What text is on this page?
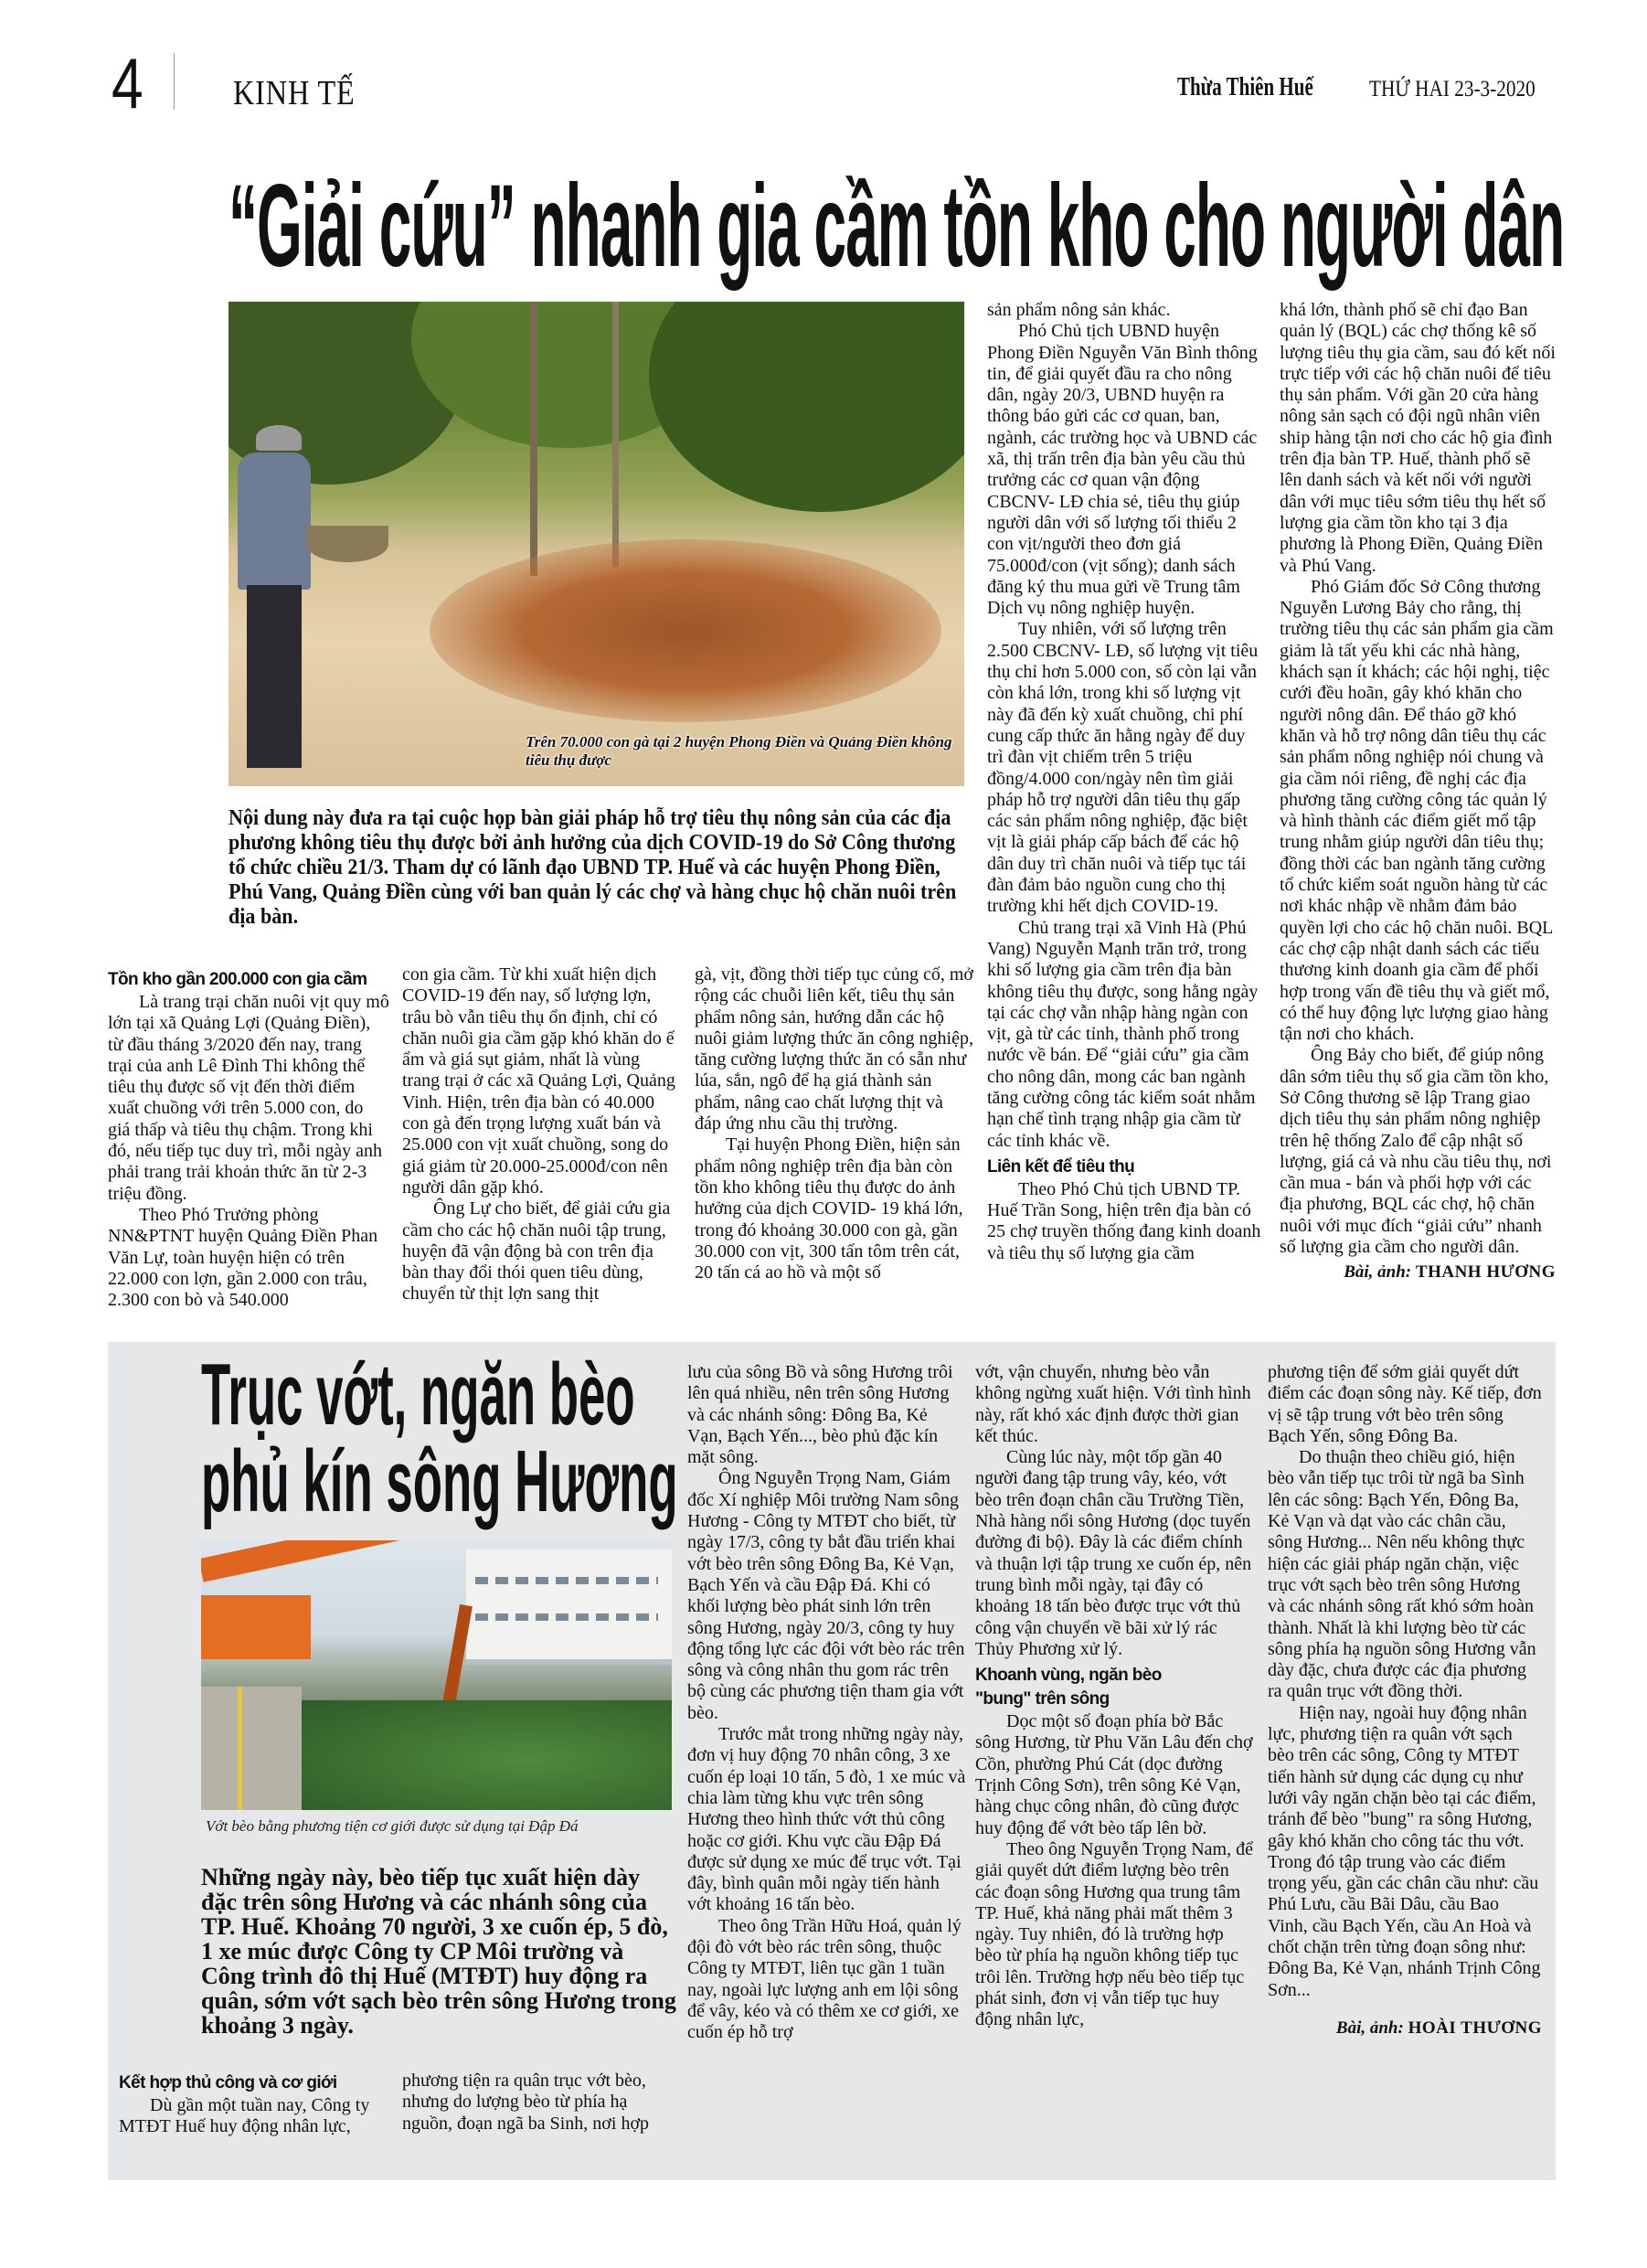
4	KINH TẾ	Thừa Thiên Huế THỨ HAI 23-3-2020
“Giải cứu” nhanh gia cầm tồn kho cho người dân
Trên 70.000 con gà tại 2 huyện Phong Điền và Quảng Điền không tiêu thụ được
Nội dung này đưa ra tại cuộc họp bàn giải pháp hỗ trợ tiêu thụ nông sản của các địa phương không tiêu thụ được bởi ảnh hưởng của dịch COVID-19 do Sở Công thương tổ chức chiều 21/3. Tham dự có lãnh đạo UBND TP. Huế và các huyện Phong Điền, Phú Vang, Quảng Điền cùng với ban quản lý các chợ và hàng chục hộ chăn nuôi trên địa bàn.
Tồn kho gần 200.000 con gia cầm

Là trang trại chăn nuôi vịt quy mô lớn tại xã Quảng Lợi (Quảng Điền), từ đầu tháng 3/2020 đến nay, trang trại của anh Lê Đình Thi không thể tiêu thụ được số vịt đến thời điểm xuất chuồng với trên 5.000 con, do giá thấp và tiêu thụ chậm. Trong khi đó, nếu tiếp tục duy trì, mỗi ngày anh phải trang trải khoản thức ăn từ 2-3 triệu đồng.

Theo Phó Trưởng phòng NN&PTNT huyện Quảng Điền Phan Văn Lự, toàn huyện hiện có trên 22.000 con lợn, gần 2.000 con trâu, 2.300 con bò và 540.000

con gia cầm. Từ khi xuất hiện dịch COVID-19 đến nay, số lượng lợn, trâu bò vẫn tiêu thụ ổn định, chỉ có chăn nuôi gia cầm gặp khó khăn do ế ẩm và giá sụt giảm, nhất là vùng trang trại ở các xã Quảng Lợi, Quảng Vinh. Hiện, trên địa bàn có 40.000 con gà đến trọng lượng xuất bán và 25.000 con vịt xuất chuồng, song do giá giảm từ 20.000-25.000đ/con nên người dân gặp khó.

Ông Lự cho biết, để giải cứu gia cầm cho các hộ chăn nuôi tập trung, huyện đã vận động bà con trên địa bàn thay đổi thói quen tiêu dùng, chuyển từ thịt lợn sang thịt

gà, vịt, đồng thời tiếp tục củng cố, mở rộng các chuỗi liên kết, tiêu thụ sản phẩm nông sản, hướng dẫn các hộ nuôi giảm lượng thức ăn công nghiệp, tăng cường lượng thức ăn có sẵn như lúa, sắn, ngô để hạ giá thành sản phẩm, nâng cao chất lượng thịt và đáp ứng nhu cầu thị trường.

Tại huyện Phong Điền, hiện sản phẩm nông nghiệp trên địa bàn còn tồn kho không tiêu thụ được do ảnh hưởng của dịch COVID- 19 khá lớn, trong đó khoảng 30.000 con gà, gần 30.000 con vịt, 300 tấn tôm trên cát, 20 tấn cá ao hồ và một số

sản phẩm nông sản khác.

Phó Chủ tịch UBND huyện Phong Điền Nguyễn Văn Bình thông tin, để giải quyết đầu ra cho nông dân, ngày 20/3, UBND huyện ra thông báo gửi các cơ quan, ban, ngành, các trường học và UBND các xã, thị trấn trên địa bàn yêu cầu thủ trưởng các cơ quan vận động CBCNV- LĐ chia sẻ, tiêu thụ giúp người dân với số lượng tối thiểu 2 con vịt/người theo đơn giá 75.000đ/con (vịt sống); danh sách đăng ký thu mua gửi về Trung tâm Dịch vụ nông nghiệp huyện.

Tuy nhiên, với số lượng trên 2.500 CBCNV- LĐ, số lượng vịt tiêu thụ chỉ hơn 5.000 con, số còn lại vẫn còn khá lớn, trong khi số lượng vịt này đã đến kỳ xuất chuồng, chi phí cung cấp thức ăn hằng ngày để duy trì đàn vịt chiếm trên 5 triệu đồng/4.000 con/ngày nên tìm giải pháp hỗ trợ người dân tiêu thụ gấp các sản phẩm nông nghiệp, đặc biệt vịt là giải pháp cấp bách để các hộ dân duy trì chăn nuôi và tiếp tục tái đàn đảm bảo nguồn cung cho thị trường khi hết dịch COVID-19.

Chủ trang trại xã Vinh Hà (Phú Vang) Nguyễn Mạnh trăn trở, trong khi số lượng gia cầm trên địa bàn không tiêu thụ được, song hằng ngày tại các chợ vẫn nhập hàng ngàn con vịt, gà từ các tỉnh, thành phố trong nước về bán. Để “giải cứu” gia cầm cho nông dân, mong các ban ngành tăng cường công tác kiểm soát nhằm hạn chế tình trạng nhập gia cầm từ các tỉnh khác về.

Liên kết để tiêu thụ

Theo Phó Chủ tịch UBND TP. Huế Trần Song, hiện trên địa bàn có 25 chợ truyền thống đang kinh doanh và tiêu thụ số lượng gia cầm

khá lớn, thành phố sẽ chỉ đạo Ban quản lý (BQL) các chợ thống kê số lượng tiêu thụ gia cầm, sau đó kết nối trực tiếp với các hộ chăn nuôi để tiêu thụ sản phẩm. Với gần 20 cửa hàng nông sản sạch có đội ngũ nhân viên ship hàng tận nơi cho các hộ gia đình trên địa bàn TP. Huế, thành phố sẽ lên danh sách và kết nối với người dân với mục tiêu sớm tiêu thụ hết số lượng gia cầm tồn kho tại 3 địa phương là Phong Điền, Quảng Điền và Phú Vang.

Phó Giám đốc Sở Công thương Nguyễn Lương Bảy cho rằng, thị trường tiêu thụ các sản phẩm gia cầm giảm là tất yếu khi các nhà hàng, khách sạn ít khách; các hội nghị, tiệc cưới đều hoãn, gây khó khăn cho người nông dân. Để tháo gỡ khó khăn và hỗ trợ nông dân tiêu thụ các sản phẩm nông nghiệp nói chung và gia cầm nói riêng, đề nghị các địa phương tăng cường công tác quản lý và hình thành các điểm giết mổ tập trung nhằm giúp người dân tiêu thụ; đồng thời các ban ngành tăng cường tổ chức kiểm soát nguồn hàng từ các nơi khác nhập về nhằm đảm bảo quyền lợi cho các hộ chăn nuôi. BQL các chợ cập nhật danh sách các tiểu thương kinh doanh gia cầm để phối hợp trong vấn đề tiêu thụ và giết mổ, có thể huy động lực lượng giao hàng tận nơi cho khách.

Ông Bảy cho biết, để giúp nông dân sớm tiêu thụ số gia cầm tồn kho, Sở Công thương sẽ lập Trang giao dịch tiêu thụ sản phẩm nông nghiệp trên hệ thống Zalo để cập nhật số lượng, giá cả và nhu cầu tiêu thụ, nơi cần mua - bán và phối hợp với các địa phương, BQL các chợ, hộ chăn nuôi với mục đích “giải cứu” nhanh số lượng gia cầm cho người dân.

Bài, ảnh: THANH HƯƠNG
Trục vớt, ngăn bèo
phủ kín sông Hương
Vớt bèo bằng phương tiện cơ giới được sử dụng tại Đập Đá
Những ngày này, bèo tiếp tục xuất hiện dày đặc trên sông Hương và các nhánh sông của TP. Huế. Khoảng 70 người, 3 xe cuốn ép, 5 đò, 1 xe múc được Công ty CP Môi trường và Công trình đô thị Huế (MTĐT) huy động ra quân, sớm vớt sạch bèo trên sông Hương trong khoảng 3 ngày.
Kết hợp thủ công và cơ giới

Dù gần một tuần nay, Công ty MTĐT Huế huy động nhân lực,

phương tiện ra quân trục vớt bèo, nhưng do lượng bèo từ phía hạ nguồn, đoạn ngã ba Sinh, nơi hợp

lưu của sông Bồ và sông Hương trôi lên quá nhiều, nên trên sông Hương và các nhánh sông: Đông Ba, Kẻ Vạn, Bạch Yến..., bèo phủ đặc kín mặt sông.

Ông Nguyễn Trọng Nam, Giám đốc Xí nghiệp Môi trường Nam sông Hương - Công ty MTĐT cho biết, từ ngày 17/3, công ty bắt đầu triển khai vớt bèo trên sông Đông Ba, Kẻ Vạn, Bạch Yến và cầu Đập Đá. Khi có khối lượng bèo phát sinh lớn trên sông Hương, ngày 20/3, công ty huy động tổng lực các đội vớt bèo rác trên sông và công nhân thu gom rác trên bộ cùng các phương tiện tham gia vớt bèo.

Trước mắt trong những ngày này, đơn vị huy động 70 nhân công, 3 xe cuốn ép loại 10 tấn, 5 đò, 1 xe múc và chia làm từng khu vực trên sông Hương theo hình thức vớt thủ công hoặc cơ giới. Khu vực cầu Đập Đá được sử dụng xe múc để trục vớt. Tại đây, bình quân mỗi ngày tiến hành vớt khoảng 16 tấn bèo.

Theo ông Trần Hữu Hoá, quản lý đội đò vớt bèo rác trên sông, thuộc Công ty MTĐT, liên tục gần 1 tuần nay, ngoài lực lượng anh em lội sông để vây, kéo và có thêm xe cơ giới, xe cuốn ép hỗ trợ

vớt, vận chuyển, nhưng bèo vẫn không ngừng xuất hiện. Với tình hình này, rất khó xác định được thời gian kết thúc.

Cùng lúc này, một tốp gần 40 người đang tập trung vây, kéo, vớt bèo trên đoạn chân cầu Trường Tiền, Nhà hàng nổi sông Hương (dọc tuyến đường đi bộ). Đây là các điểm chính và thuận lợi tập trung xe cuốn ép, nên trung bình mỗi ngày, tại đây có khoảng 18 tấn bèo được trục vớt thủ công vận chuyển về bãi xử lý rác Thủy Phương xử lý.

Khoanh vùng, ngăn bèo "bung" trên sông

Dọc một số đoạn phía bờ Bắc sông Hương, từ Phu Văn Lâu đến chợ Cồn, phường Phú Cát (dọc đường Trịnh Công Sơn), trên sông Kẻ Vạn, hàng chục công nhân, đò cũng được huy động để vớt bèo tấp lên bờ.

Theo ông Nguyễn Trọng Nam, để giải quyết dứt điểm lượng bèo trên các đoạn sông Hương qua trung tâm TP. Huế, khả năng phải mất thêm 3 ngày. Tuy nhiên, đó là trường hợp bèo từ phía hạ nguồn không tiếp tục trôi lên. Trường hợp nếu bèo tiếp tục phát sinh, đơn vị vẫn tiếp tục huy động nhân lực,

phương tiện để sớm giải quyết dứt điểm các đoạn sông này. Kế tiếp, đơn vị sẽ tập trung vớt bèo trên sông Bạch Yến, sông Đông Ba.

Do thuận theo chiều gió, hiện bèo vẫn tiếp tục trôi từ ngã ba Sình lên các sông: Bạch Yến, Đông Ba, Kẻ Vạn và dạt vào các chân cầu, sông Hương... Nên nếu không thực hiện các giải pháp ngăn chặn, việc trục vớt sạch bèo trên sông Hương và các nhánh sông rất khó sớm hoàn thành. Nhất là khi lượng bèo từ các sông phía hạ nguồn sông Hương vẫn dày đặc, chưa được các địa phương ra quân trục vớt đồng thời.

Hiện nay, ngoài huy động nhân lực, phương tiện ra quân vớt sạch bèo trên các sông, Công ty MTĐT tiến hành sử dụng các dụng cụ như lưới vây ngăn chặn bèo tại các điểm, tránh để bèo "bung" ra sông Hương, gây khó khăn cho công tác thu vớt. Trong đó tập trung vào các điểm trọng yếu, gần các chân cầu như: cầu Phú Lưu, cầu Bãi Dâu, cầu Bao Vinh, cầu Bạch Yến, cầu An Hoà và chốt chặn trên từng đoạn sông như: Đông Ba, Kẻ Vạn, nhánh Trịnh Công Sơn...

Bài, ảnh: HOÀI THƯƠNG
